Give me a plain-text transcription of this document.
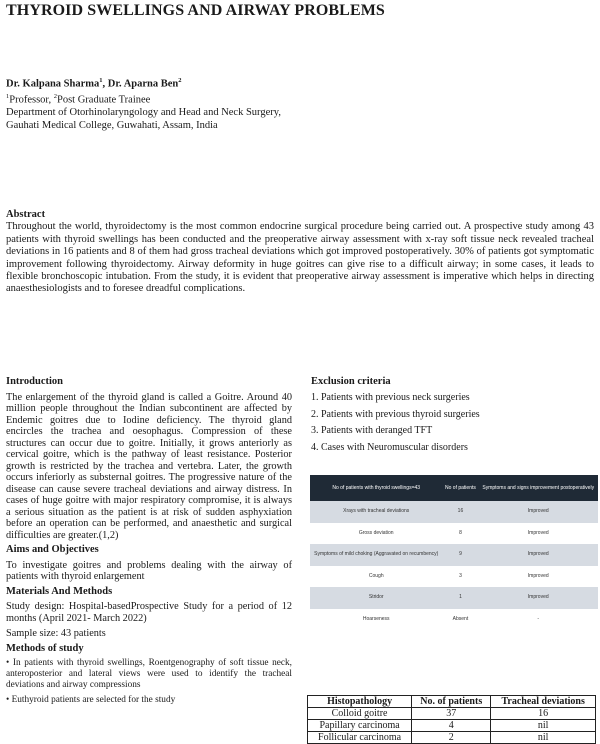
THYROID SWELLINGS AND AIRWAY PROBLEMS
Dr. Kalpana Sharma$^1$, Dr. Aparna Ben$^2$
$^1$Professor, $^2$Post Graduate Trainee
Department of Otorhinolaryngology and Head and Neck Surgery,
Gauhati Medical College, Guwahati, Assam, India
Abstract
Throughout the world, thyroidectomy is the most common endocrine surgical procedure being carried out. A prospective study among 43 patients with thyroid swellings has been conducted and the preoperative airway assessment with x-ray soft tissue neck revealed tracheal deviations in 16 patients and 8 of them had gross tracheal deviations which got improved postoperatively. 30% of patients got symptomatic improvement following thyroidectomy. Airway deformity in huge goitres can give rise to a difficult airway; in some cases, it leads to flexible bronchoscopic intubation. From the study, it is evident that preoperative airway assessment is imperative which helps in directing anaesthesiologists and to foresee dreadful complications.
Introduction

The enlargement of the thyroid gland is called a Goitre. Around 40 million people throughout the Indian subcontinent are affected by Endemic goitres due to Iodine deficiency. The thyroid gland encircles the trachea and oesophagus. Compression of these structures can occur due to goitre. Initially, it grows anteriorly as cervical goitre, which is the pathway of least resistance. Posterior growth is restricted by the trachea and vertebra. Later, the growth occurs inferiorly as substernal goitres. The progressive nature of the disease can cause severe tracheal deviations and airway distress. In cases of huge goitre with major respiratory compromise, it is always a serious situation as the patient is at risk of sudden asphyxiation before an operation can be performed, and anaesthetic and surgical difficulties are greater.(1,2)

Aims and Objectives

To investigate goitres and problems dealing with the airway of patients with thyroid enlargement

Materials And Methods

Study design: Hospital-basedProspective Study for a period of 12 months (April 2021- March 2022)

Sample size: 43 patients

Methods of study

• In patients with thyroid swellings, Roentgenography of soft tissue neck, anteroposterior and lateral views were used to identify the tracheal deviations and airway compressions

• Euthyroid patients are selected for the study

Exclusion criteria
1. Patients with previous neck surgeries
2. Patients with previous thyroid surgeries
3. Patients with deranged TFT
4. Cases with Neuromuscular disorders
No of patients with thyroid swellings=43	No of patients	Symptoms and signs improvement postoperatively
Xrays with tracheal deviations	16	Improved
Gross deviation	8	Improved
Symptoms of mild choking (Aggravated on recumbency)	9	Improved
Cough	3	Improved
Stridor	1	Improved
Hoarseness	Absent	-
Histopathology	No. of patients	Tracheal deviations
Colloid goitre	37	16
Papillary carcinoma	4	nil
Follicular carcinoma	2	nil
